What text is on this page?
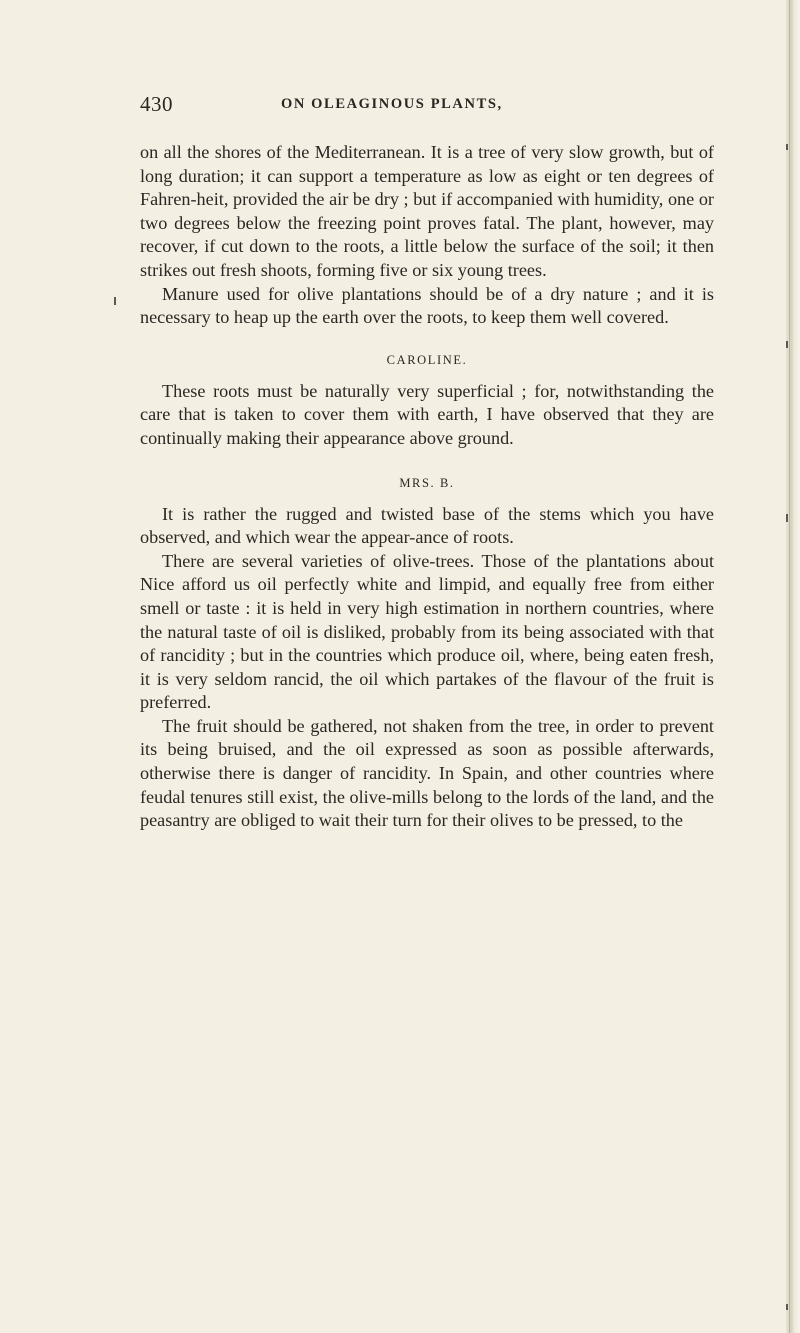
430	ON OLEAGINOUS PLANTS,

on all the shores of the Mediterranean. It is a tree of very slow growth, but of long duration; it can support a temperature as low as eight or ten degrees of Fahren-heit, provided the air be dry ; but if accompanied with humidity, one or two degrees below the freezing point proves fatal. The plant, however, may recover, if cut down to the roots, a little below the surface of the soil; it then strikes out fresh shoots, forming five or six young trees.

Manure used for olive plantations should be of a dry nature ; and it is necessary to heap up the earth over the roots, to keep them well covered.

CAROLINE.

These roots must be naturally very superficial ; for, notwithstanding the care that is taken to cover them with earth, I have observed that they are continually making their appearance above ground.

MRS. B.

It is rather the rugged and twisted base of the stems which you have observed, and which wear the appear-ance of roots.

There are several varieties of olive-trees. Those of the plantations about Nice afford us oil perfectly white and limpid, and equally free from either smell or taste : it is held in very high estimation in northern countries, where the natural taste of oil is disliked, probably from its being associated with that of rancidity ; but in the countries which produce oil, where, being eaten fresh, it is very seldom rancid, the oil which partakes of the flavour of the fruit is preferred.

The fruit should be gathered, not shaken from the tree, in order to prevent its being bruised, and the oil expressed as soon as possible afterwards, otherwise there is danger of rancidity. In Spain, and other countries where feudal tenures still exist, the olive-mills belong to the lords of the land, and the peasantry are obliged to wait their turn for their olives to be pressed, to the
